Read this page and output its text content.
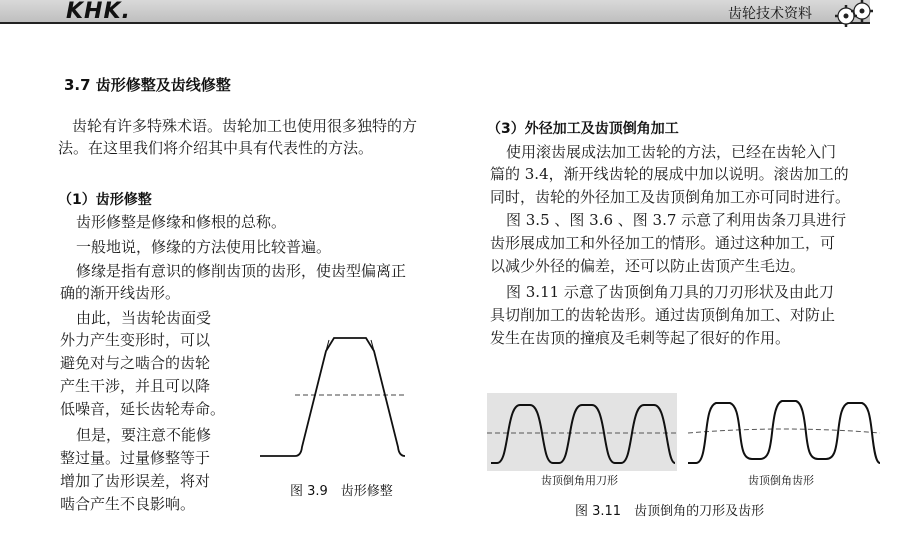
KHK.	齿轮技术资料
3.7 齿形修整及齿线修整

齿轮有许多特殊术语。齿轮加工也使用很多独特的方

法。在这里我们将介绍其中具有代表性的方法。

（1）齿形修整

齿形修整是修缘和修根的总称。

一般地说，修缘的方法使用比较普遍。

修缘是指有意识的修削齿顶的齿形，使齿型偏离正

确的渐开线齿形。

由此，当齿轮齿面受

外力产生变形时，可以

避免对与之啮合的齿轮

产生干涉，并且可以降

低噪音，延长齿轮寿命。

但是，要注意不能修

整过量。过量修整等于

增加了齿形误差，将对

啮合产生不良影响。

图 3.9　齿形修整
（3）外径加工及齿顶倒角加工

使用滚齿展成法加工齿轮的方法，已经在齿轮入门

篇的 3.4，渐开线齿轮的展成中加以说明。滚齿加工的

同时，齿轮的外径加工及齿顶倒角加工亦可同时进行。

图 3.5 、图 3.6 、图 3.7 示意了利用齿条刀具进行

齿形展成加工和外径加工的情形。通过这种加工，可

以减少外径的偏差，还可以防止齿顶产生毛边。

图 3.11 示意了齿顶倒角刀具的刀刃形状及由此刀

具切削加工的齿轮齿形。通过齿顶倒角加工、对防止

发生在齿顶的撞痕及毛刺等起了很好的作用。

齿顶倒角用刀形	齿顶倒角齿形
图 3.11　齿顶倒角的刀形及齿形
